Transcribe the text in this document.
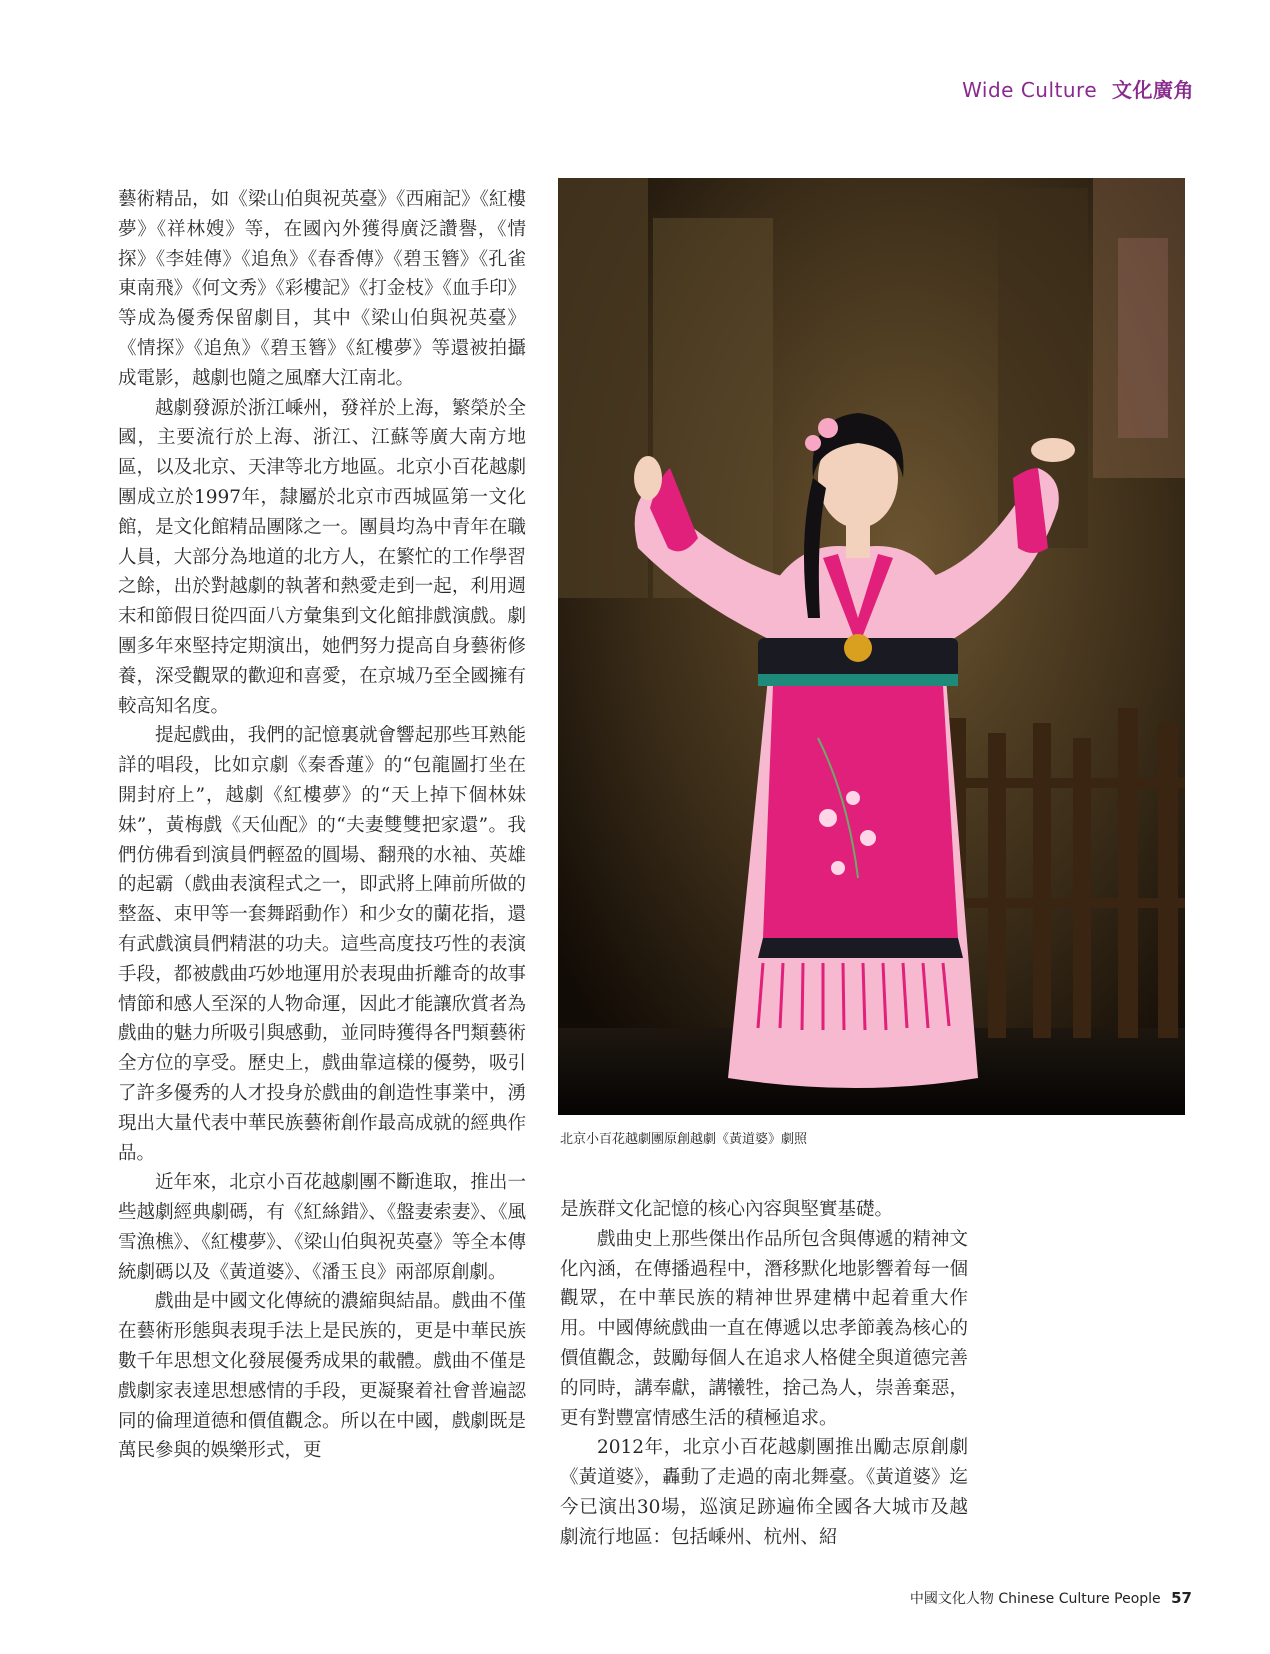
Wide Culture 文化廣角

藝術精品，如《梁山伯與祝英臺》《西廂記》《紅樓夢》《祥林嫂》等，在國內外獲得廣泛讚譽，《情探》《李娃傳》《追魚》《春香傳》《碧玉簪》《孔雀東南飛》《何文秀》《彩樓記》《打金枝》《血手印》等成為優秀保留劇目，其中《梁山伯與祝英臺》《情探》《追魚》《碧玉簪》《紅樓夢》等還被拍攝成電影，越劇也隨之風靡大江南北。

越劇發源於浙江嵊州，發祥於上海，繁榮於全國，主要流行於上海、浙江、江蘇等廣大南方地區，以及北京、天津等北方地區。北京小百花越劇團成立於1997年，隸屬於北京市西城區第一文化館，是文化館精品團隊之一。團員均為中青年在職人員，大部分為地道的北方人，在繁忙的工作學習之餘，出於對越劇的執著和熱愛走到一起，利用週末和節假日從四面八方彙集到文化館排戲演戲。劇團多年來堅持定期演出，她們努力提高自身藝術修養，深受觀眾的歡迎和喜愛，在京城乃至全國擁有較高知名度。

提起戲曲，我們的記憶裏就會響起那些耳熟能詳的唱段，比如京劇《秦香蓮》的“包龍圖打坐在開封府上”，越劇《紅樓夢》的“天上掉下個林妹妹”，黃梅戲《天仙配》的“夫妻雙雙把家還”。我們仿佛看到演員們輕盈的圓場、翻飛的水袖、英雄的起霸（戲曲表演程式之一，即武將上陣前所做的整盔、束甲等一套舞蹈動作）和少女的蘭花指，還有武戲演員們精湛的功夫。這些高度技巧性的表演手段，都被戲曲巧妙地運用於表現曲折離奇的故事情節和感人至深的人物命運，因此才能讓欣賞者為戲曲的魅力所吸引與感動，並同時獲得各門類藝術全方位的享受。歷史上，戲曲靠這樣的優勢，吸引了許多優秀的人才投身於戲曲的創造性事業中，湧現出大量代表中華民族藝術創作最高成就的經典作品。

近年來，北京小百花越劇團不斷進取，推出一些越劇經典劇碼，有《紅絲錯》、《盤妻索妻》、《風雪漁樵》、《紅樓夢》、《梁山伯與祝英臺》等全本傳統劇碼以及《黃道婆》、《潘玉良》兩部原創劇。

戲曲是中國文化傳統的濃縮與結晶。戲曲不僅在藝術形態與表現手法上是民族的，更是中華民族數千年思想文化發展優秀成果的載體。戲曲不僅是戲劇家表達思想感情的手段，更凝聚着社會普遍認同的倫理道德和價值觀念。所以在中國，戲劇既是萬民參與的娛樂形式，更

北京小百花越劇團原創越劇《黃道婆》劇照

是族群文化記憶的核心內容與堅實基礎。

戲曲史上那些傑出作品所包含與傳遞的精神文化內涵，在傳播過程中，潛移默化地影響着每一個觀眾，在中華民族的精神世界建構中起着重大作用。中國傳統戲曲一直在傳遞以忠孝節義為核心的價值觀念，鼓勵每個人在追求人格健全與道德完善的同時，講奉獻，講犧牲，捨己為人，崇善棄惡，更有對豐富情感生活的積極追求。

2012年，北京小百花越劇團推出勵志原創劇《黃道婆》，轟動了走過的南北舞臺。《黃道婆》迄今已演出30場，巡演足跡遍佈全國各大城市及越劇流行地區：包括嵊州、杭州、紹

中國文化人物 Chinese Culture People 57
